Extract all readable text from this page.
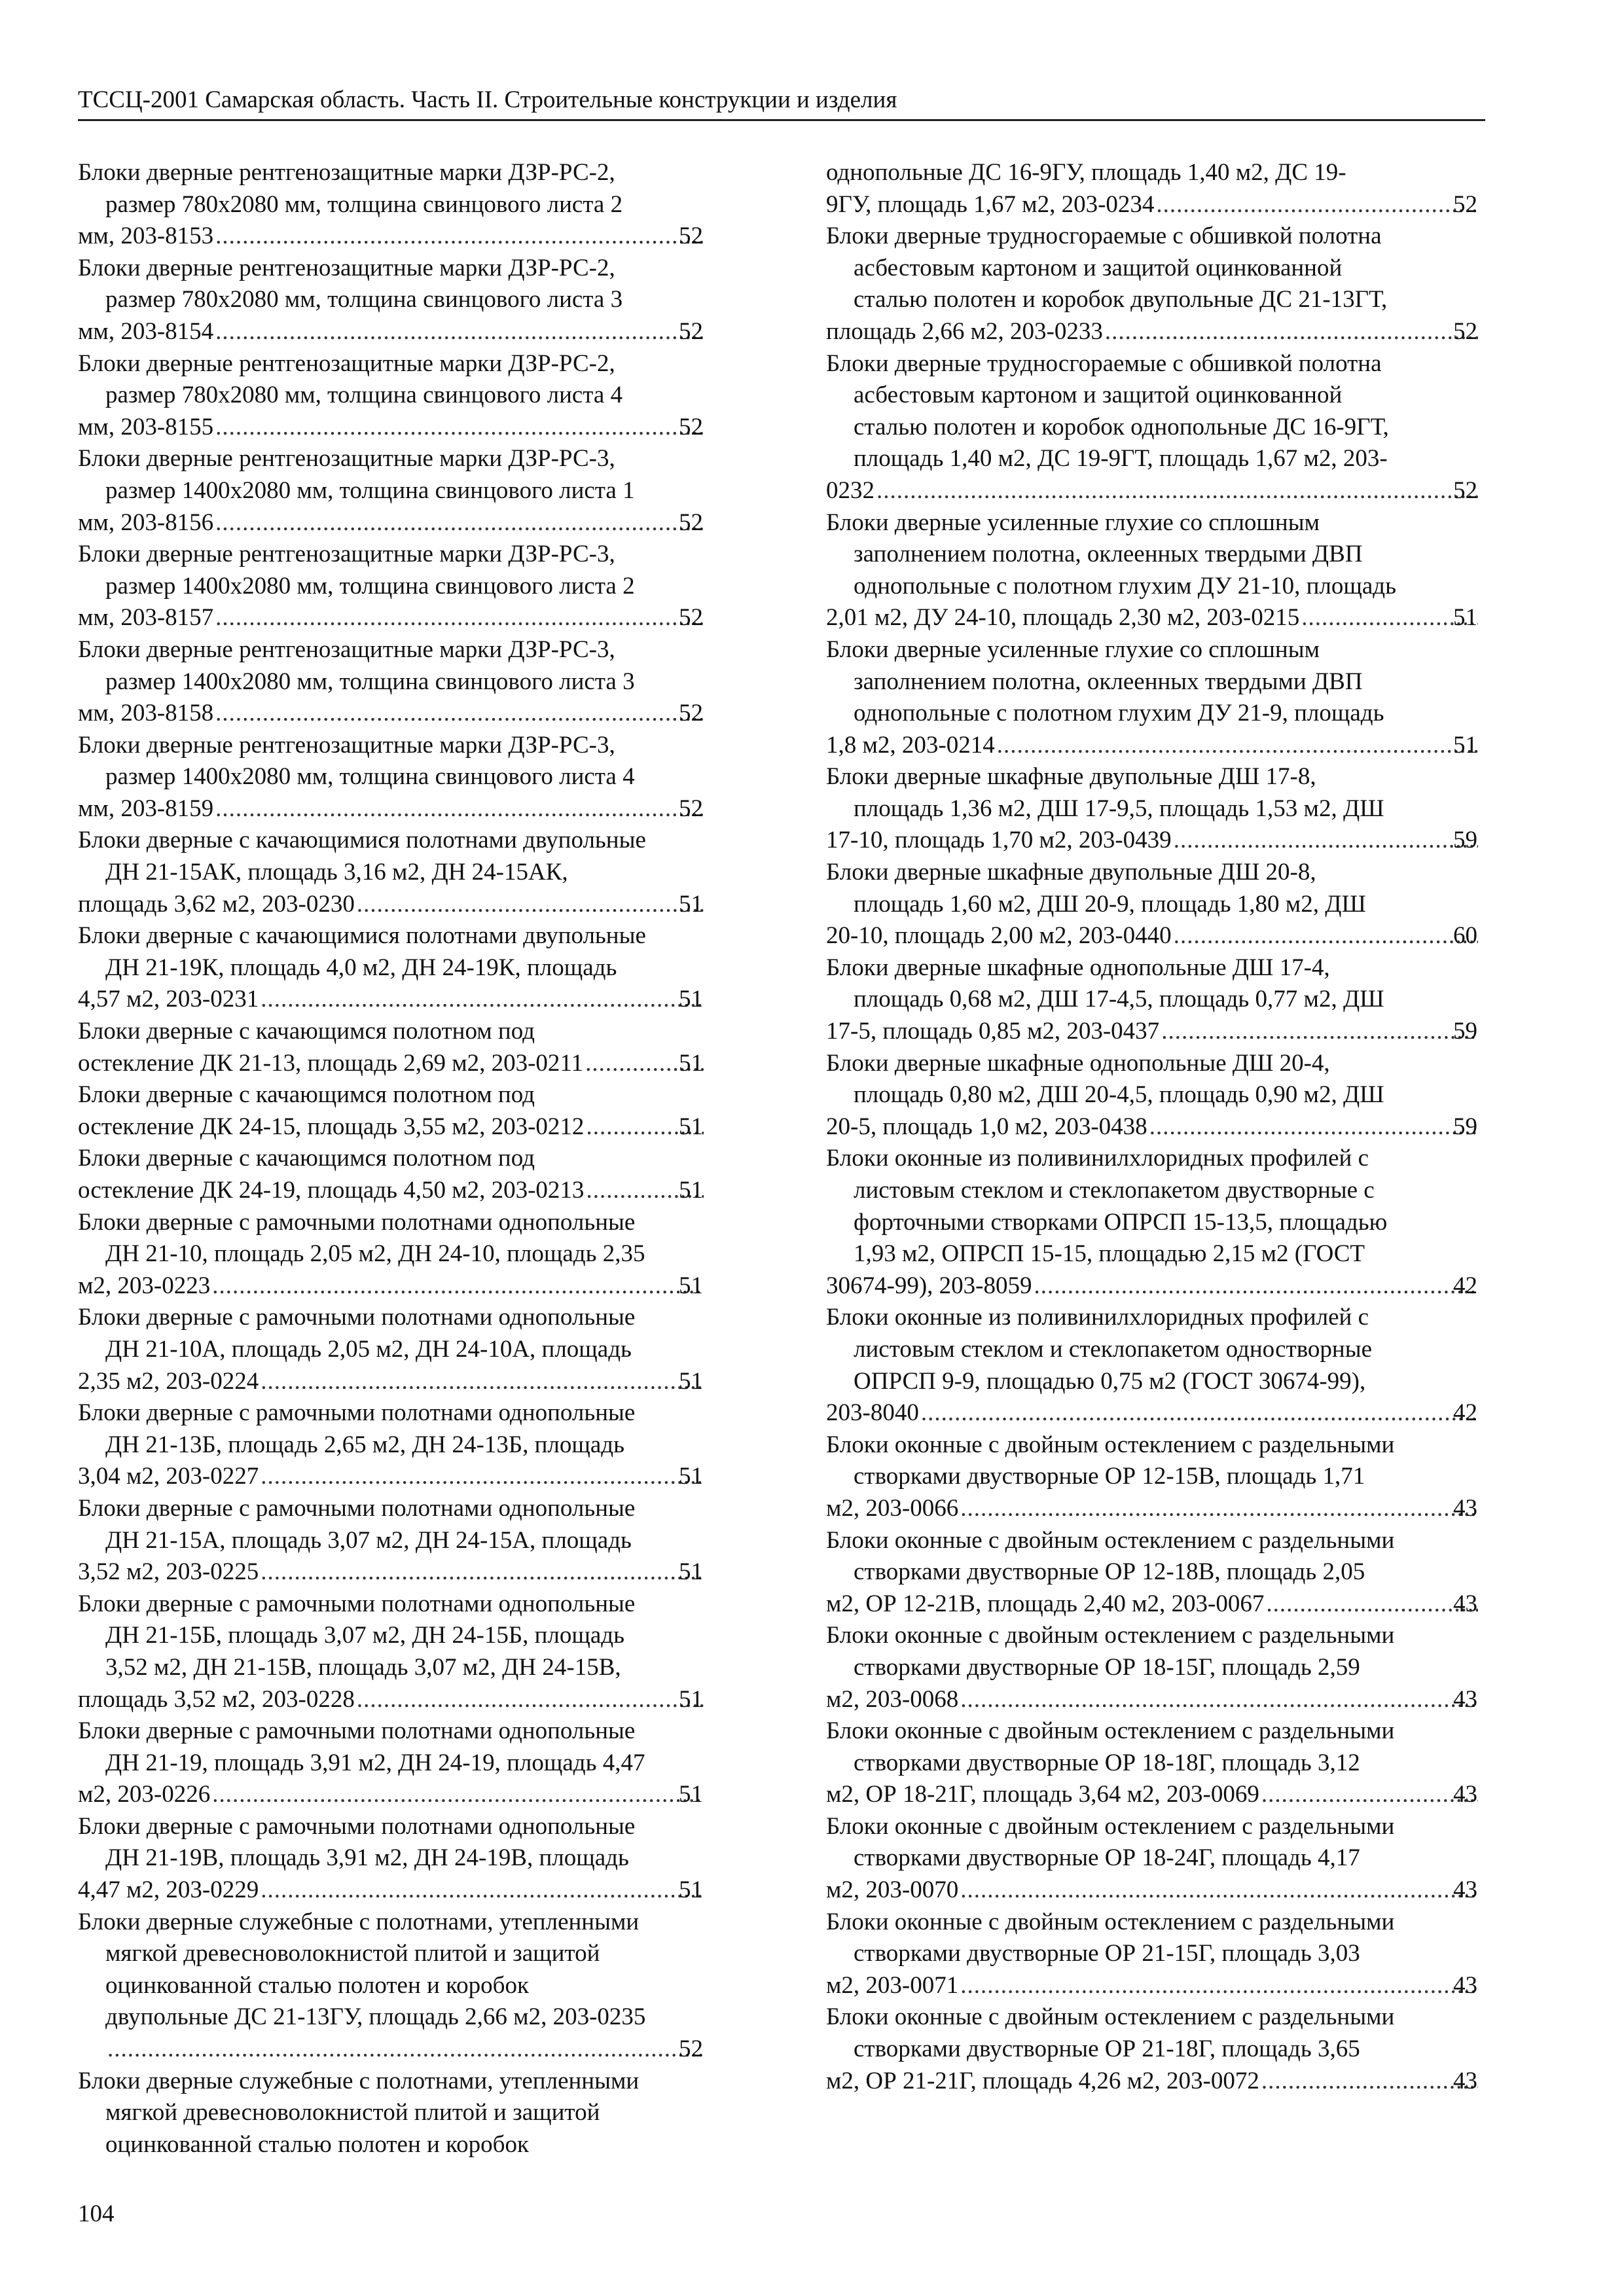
ТССЦ-2001 Самарская область. Часть II. Строительные конструкции и изделия
Блоки дверные рентгенозащитные марки ДЗР-РС-2,
размер 780х2080 мм, толщина свинцового листа 2
мм, 203-8153 .....	52
Блоки дверные рентгенозащитные марки ДЗР-РС-2,
размер 780х2080 мм, толщина свинцового листа 3
мм, 203-8154 .....	52
Блоки дверные рентгенозащитные марки ДЗР-РС-2,
размер 780х2080 мм, толщина свинцового листа 4
мм, 203-8155 .....	52
Блоки дверные рентгенозащитные марки ДЗР-РС-3,
размер 1400х2080 мм, толщина свинцового листа 1
мм, 203-8156 .....	52
Блоки дверные рентгенозащитные марки ДЗР-РС-3,
размер 1400х2080 мм, толщина свинцового листа 2
мм, 203-8157 .....	52
Блоки дверные рентгенозащитные марки ДЗР-РС-3,
размер 1400х2080 мм, толщина свинцового листа 3
мм, 203-8158 .....	52
Блоки дверные рентгенозащитные марки ДЗР-РС-3,
размер 1400х2080 мм, толщина свинцового листа 4
мм, 203-8159 .....	52
Блоки дверные с качающимися полотнами двупольные
ДН 21-15АК, площадь 3,16 м2, ДН 24-15АК,
площадь 3,62 м2, 203-0230 .....	51
Блоки дверные с качающимися полотнами двупольные
ДН 21-19К, площадь 4,0 м2, ДН 24-19К, площадь
4,57 м2, 203-0231 .....	51
Блоки дверные с качающимся полотном под
остекление ДК 21-13, площадь 2,69 м2, 203-0211 .....	51
Блоки дверные с качающимся полотном под
остекление ДК 24-15, площадь 3,55 м2, 203-0212 .....	51
Блоки дверные с качающимся полотном под
остекление ДК 24-19, площадь 4,50 м2, 203-0213 .....	51
Блоки дверные с рамочными полотнами однопольные
ДН 21-10, площадь 2,05 м2, ДН 24-10, площадь 2,35
м2, 203-0223 .....	51
Блоки дверные с рамочными полотнами однопольные
ДН 21-10А, площадь 2,05 м2, ДН 24-10А, площадь
2,35 м2, 203-0224 .....	51
Блоки дверные с рамочными полотнами однопольные
ДН 21-13Б, площадь 2,65 м2, ДН 24-13Б, площадь
3,04 м2, 203-0227 .....	51
Блоки дверные с рамочными полотнами однопольные
ДН 21-15А, площадь 3,07 м2, ДН 24-15А, площадь
3,52 м2, 203-0225 .....	51
Блоки дверные с рамочными полотнами однопольные
ДН 21-15Б, площадь 3,07 м2, ДН 24-15Б, площадь
3,52 м2, ДН 21-15В, площадь 3,07 м2, ДН 24-15В,
площадь 3,52 м2, 203-0228 .....	51
Блоки дверные с рамочными полотнами однопольные
ДН 21-19, площадь 3,91 м2, ДН 24-19, площадь 4,47
м2, 203-0226 .....	51
Блоки дверные с рамочными полотнами однопольные
ДН 21-19В, площадь 3,91 м2, ДН 24-19В, площадь
4,47 м2, 203-0229 .....	51
Блоки дверные служебные с полотнами, утепленными
мягкой древесноволокнистой плитой и защитой
оцинкованной сталью полотен и коробок
двупольные ДС 21-13ГУ, площадь 2,66 м2, 203-0235
.....
52
Блоки дверные служебные с полотнами, утепленными
мягкой древесноволокнистой плитой и защитой
оцинкованной сталью полотен и коробок
однопольные ДС 16-9ГУ, площадь 1,40 м2, ДС 19-
9ГУ, площадь 1,67 м2, 203-0234 .....	52
Блоки дверные трудносгораемые с обшивкой полотна
асбестовым картоном и защитой оцинкованной
сталью полотен и коробок двупольные ДС 21-13ГТ,
площадь 2,66 м2, 203-0233 .....	52
Блоки дверные трудносгораемые с обшивкой полотна
асбестовым картоном и защитой оцинкованной
сталью полотен и коробок однопольные ДС 16-9ГТ,
площадь 1,40 м2, ДС 19-9ГТ, площадь 1,67 м2, 203-
0232 .....	52
Блоки дверные усиленные глухие со сплошным
заполнением полотна, оклеенных твердыми ДВП
однопольные с полотном глухим ДУ 21-10, площадь
2,01 м2, ДУ 24-10, площадь 2,30 м2, 203-0215 .....	51
Блоки дверные усиленные глухие со сплошным
заполнением полотна, оклеенных твердыми ДВП
однопольные с полотном глухим ДУ 21-9, площадь
1,8 м2, 203-0214 .....	51
Блоки дверные шкафные двупольные ДШ 17-8,
площадь 1,36 м2, ДШ 17-9,5, площадь 1,53 м2, ДШ
17-10, площадь 1,70 м2, 203-0439 .....	59
Блоки дверные шкафные двупольные ДШ 20-8,
площадь 1,60 м2, ДШ 20-9, площадь 1,80 м2, ДШ
20-10, площадь 2,00 м2, 203-0440 .....	60
Блоки дверные шкафные однопольные ДШ 17-4,
площадь 0,68 м2, ДШ 17-4,5, площадь 0,77 м2, ДШ
17-5, площадь 0,85 м2, 203-0437 .....	59
Блоки дверные шкафные однопольные ДШ 20-4,
площадь 0,80 м2, ДШ 20-4,5, площадь 0,90 м2, ДШ
20-5, площадь 1,0 м2, 203-0438 .....	59
Блоки оконные из поливинилхлоридных профилей с
листовым стеклом и стеклопакетом двустворные с
форточными створками ОПРСП 15-13,5, площадью
1,93 м2, ОПРСП 15-15, площадью 2,15 м2 (ГОСТ
30674-99), 203-8059 .....	42
Блоки оконные из поливинилхлоридных профилей с
листовым стеклом и стеклопакетом одностворные
ОПРСП 9-9, площадью 0,75 м2 (ГОСТ 30674-99),
203-8040 .....	42
Блоки оконные с двойным остеклением с раздельными
створками двустворные ОР 12-15В, площадь 1,71
м2, 203-0066 .....	43
Блоки оконные с двойным остеклением с раздельными
створками двустворные ОР 12-18В, площадь 2,05
м2, ОР 12-21В, площадь 2,40 м2, 203-0067 .....	43
Блоки оконные с двойным остеклением с раздельными
створками двустворные ОР 18-15Г, площадь 2,59
м2, 203-0068 .....	43
Блоки оконные с двойным остеклением с раздельными
створками двустворные ОР 18-18Г, площадь 3,12
м2, ОР 18-21Г, площадь 3,64 м2, 203-0069 .....	43
Блоки оконные с двойным остеклением с раздельными
створками двустворные ОР 18-24Г, площадь 4,17
м2, 203-0070 .....	43
Блоки оконные с двойным остеклением с раздельными
створками двустворные ОР 21-15Г, площадь 3,03
м2, 203-0071 .....	43
Блоки оконные с двойным остеклением с раздельными
створками двустворные ОР 21-18Г, площадь 3,65
м2, ОР 21-21Г, площадь 4,26 м2, 203-0072 .....	43
104
